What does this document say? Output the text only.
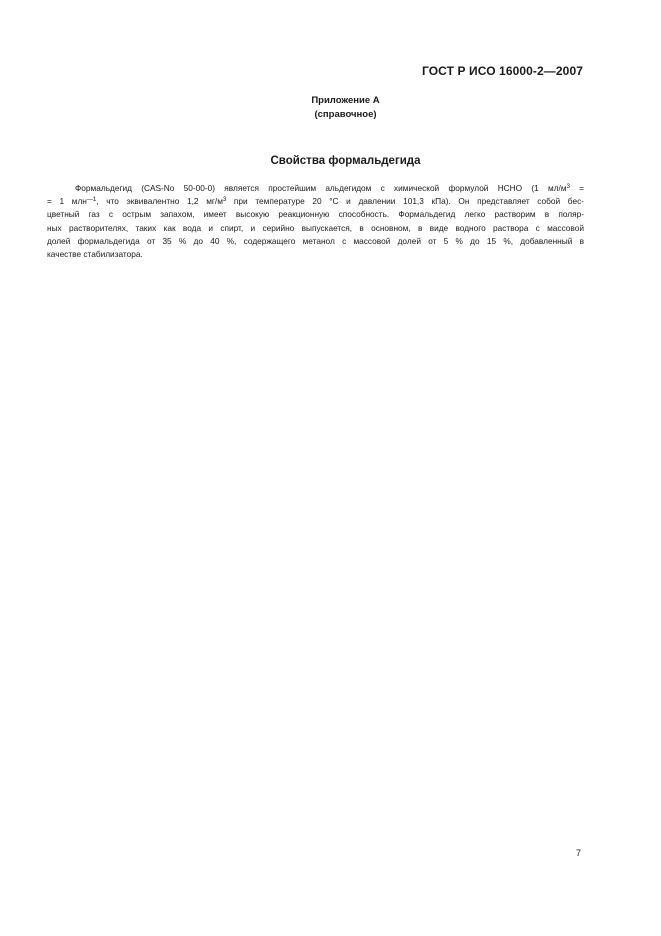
ГОСТ Р ИСО 16000-2—2007
Приложение А
(справочное)
Свойства формальдегида
Формальдегид (CAS-No 50-00-0) является простейшим альдегидом с химической формулой НСНО (1 $мл/м^3$ =
= 1 млн$^{—1}$, что эквивалентно 1,2 $мг/м^3$ при температуре 20 °C и давлении 101,3 кПа). Он представляет собой бес-
цветный газ с острым запахом, имеет высокую реакционную способность. Формальдегид легко растворим в поляр-
ных растворителях, таких как вода и спирт, и серийно выпускается, в основном, в виде водного раствора с массовой
долей формальдегида от 35 % до 40 %, содержащего метанол с массовой долей от 5 % до 15 %, добавленный в
качестве стабилизатора.
7
